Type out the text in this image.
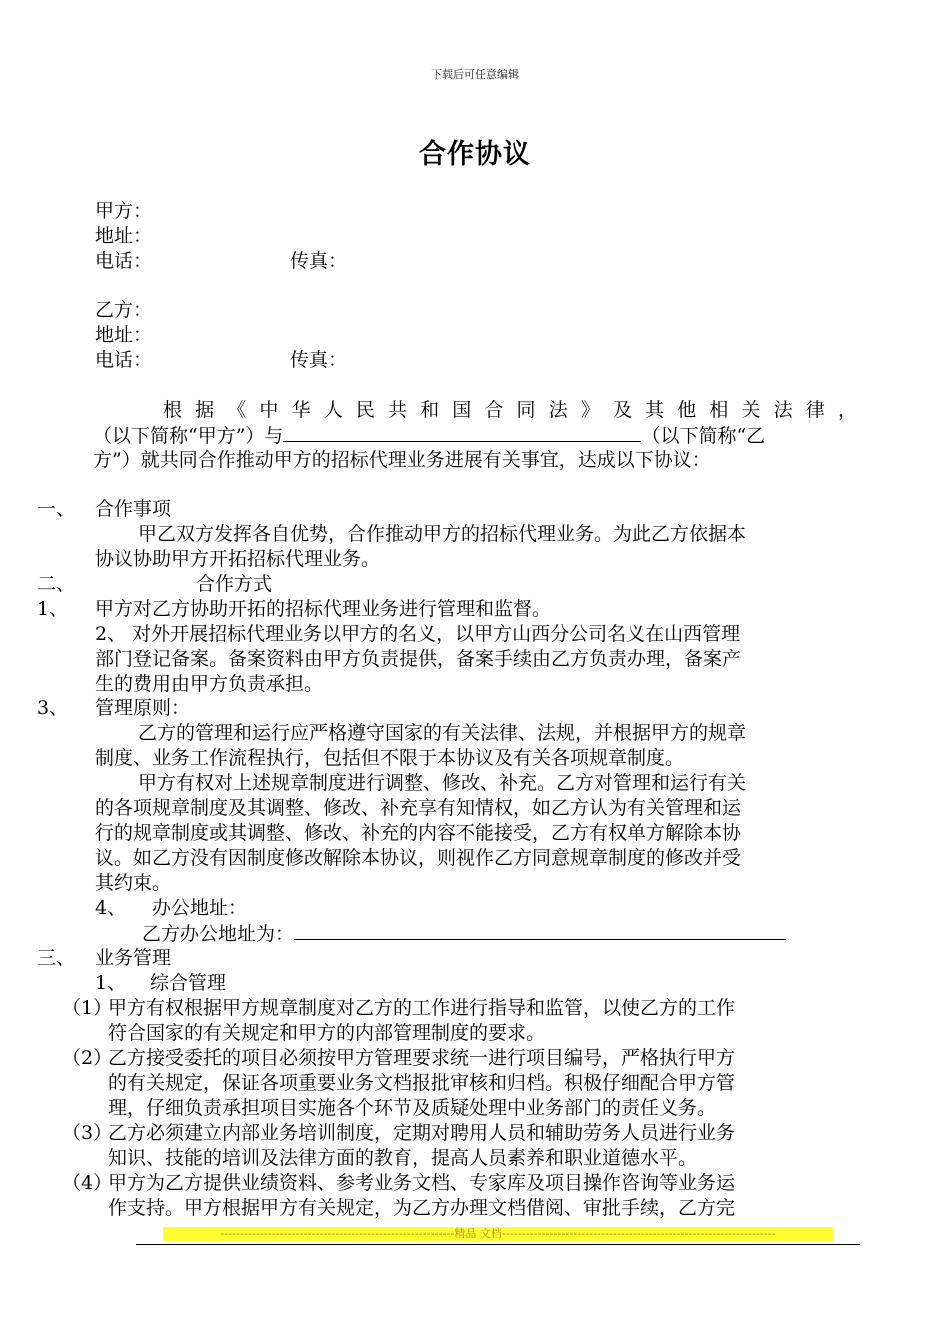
下载后可任意编辑
合作协议
甲方：
地址：
电话：	传真：
乙方：
地址：
电话：	传真：
根 据 《 中 华 人 民 共 和 国 合 同 法 》 及 其 他 相 关 法 律 ，
（以下简称“甲方”）与	（以下简称“乙
方”）就共同合作推动甲方的招标代理业务进展有关事宜，达成以下协议：
一、 合作事项
甲乙双方发挥各自优势，合作推动甲方的招标代理业务。为此乙方依据本
协议协助甲方开拓招标代理业务。
二、	合作方式
1、 甲方对乙方协助开拓的招标代理业务进行管理和监督。
2、 对外开展招标代理业务以甲方的名义，以甲方山西分公司名义在山西管理
部门登记备案。备案资料由甲方负责提供，备案手续由乙方负责办理，备案产
生的费用由甲方负责承担。
3、 管理原则：
乙方的管理和运行应严格遵守国家的有关法律、法规，并根据甲方的规章
制度、业务工作流程执行，包括但不限于本协议及有关各项规章制度。
甲方有权对上述规章制度进行调整、修改、补充。乙方对管理和运行有关
的各项规章制度及其调整、修改、补充享有知情权，如乙方认为有关管理和运
行的规章制度或其调整、修改、补充的内容不能接受，乙方有权单方解除本协
议。如乙方没有因制度修改解除本协议，则视作乙方同意规章制度的修改并受
其约束。
4、 办公地址：
乙方办公地址为：
三、 业务管理
1、 综合管理
（1）
甲方有权根据甲方规章制度对乙方的工作进行指导和监管，以使乙方的工作
符合国家的有关规定和甲方的内部管理制度的要求。
（2）
乙方接受委托的项目必须按甲方管理要求统一进行项目编号，严格执行甲方
的有关规定，保证各项重要业务文档报批审核和归档。积极仔细配合甲方管
理，仔细负责承担项目实施各个环节及质疑处理中业务部门的责任义务。
（3）
乙方必须建立内部业务培训制度，定期对聘用人员和辅助劳务人员进行业务
知识、技能的培训及法律方面的教育，提高人员素养和职业道德水平。
（4）
甲方为乙方提供业绩资料、参考业务文档、专家库及项目操作咨询等业务运
作支持。甲方根据甲方有关规定，为乙方办理文档借阅、审批手续，乙方完
-----------------------------------------------------------精品 文档---------------------------------------------------------------------
